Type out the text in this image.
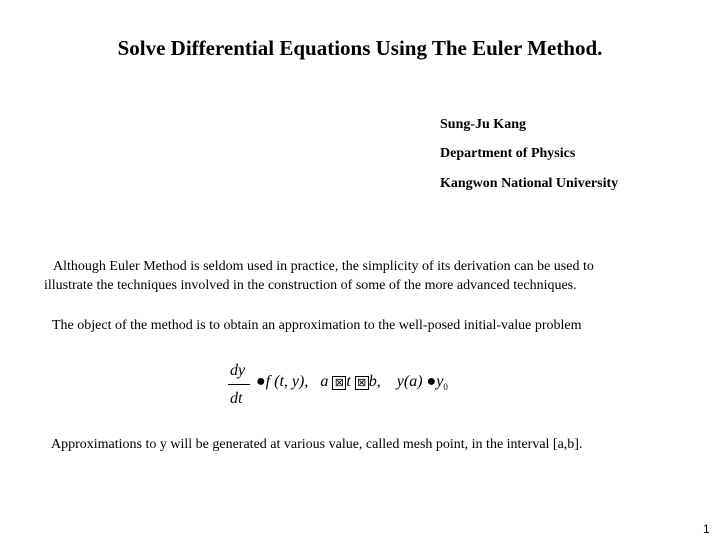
Solve Differential Equations Using The Euler Method.
Sung-Ju Kang
Department of Physics
Kangwon National University
Although Euler Method is seldom used in practice, the simplicity of its derivation can be used to
illustrate the techniques involved in the construction of some of the more advanced techniques.
The object of the method is to obtain an approximation to the well-posed initial-value problem
dy
dt
●f (t, y), a ⊠ t ⊠ b, y(a) $●y_0$
Approximations to y will be generated at various value, called mesh point, in the interval [a,b].
1
